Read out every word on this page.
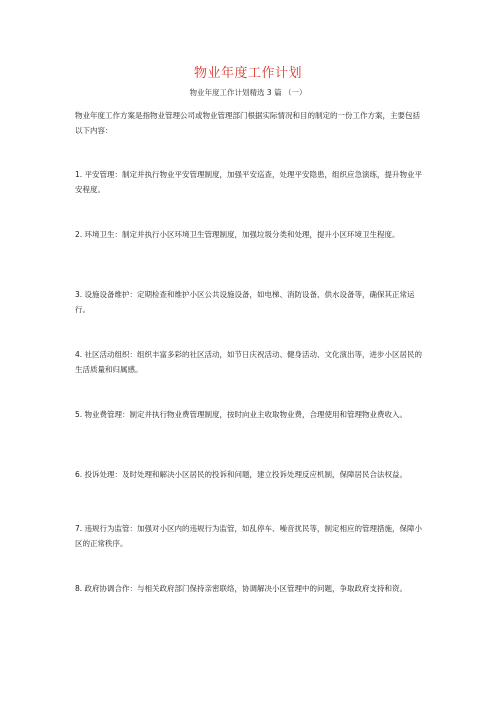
物业年度工作计划
物业年度工作计划精选 3 篇 （一）
物业年度工作方案是指物业管理公司或物业管理部门根据实际情况和目的制定的一份工作方案，主要包括以下内容：
1. 平安管理：制定并执行物业平安管理制度，加强平安巡查，处理平安隐患，组织应急演练，提升物业平安程度。
2. 环境卫生：制定并执行小区环境卫生管理制度，加强垃圾分类和处理，提升小区环境卫生程度。
3. 设施设备维护：定期检查和维护小区公共设施设备，如电梯、消防设备、供水设备等，确保其正常运行。
4. 社区活动组织：组织丰富多彩的社区活动，如节日庆祝活动、健身活动、文化演出等，进步小区居民的生活质量和归属感。
5. 物业费管理：制定并执行物业费管理制度，按时向业主收取物业费，合理使用和管理物业费收入。
6. 投诉处理：及时处理和解决小区居民的投诉和问题，建立投诉处理反应机制，保障居民合法权益。
7. 违规行为监管：加强对小区内的违规行为监管，如乱停车、噪音扰民等，制定相应的管理措施，保障小区的正常秩序。
8. 政府协调合作：与相关政府部门保持亲密联络，协调解决小区管理中的问题，争取政府支持和资。
